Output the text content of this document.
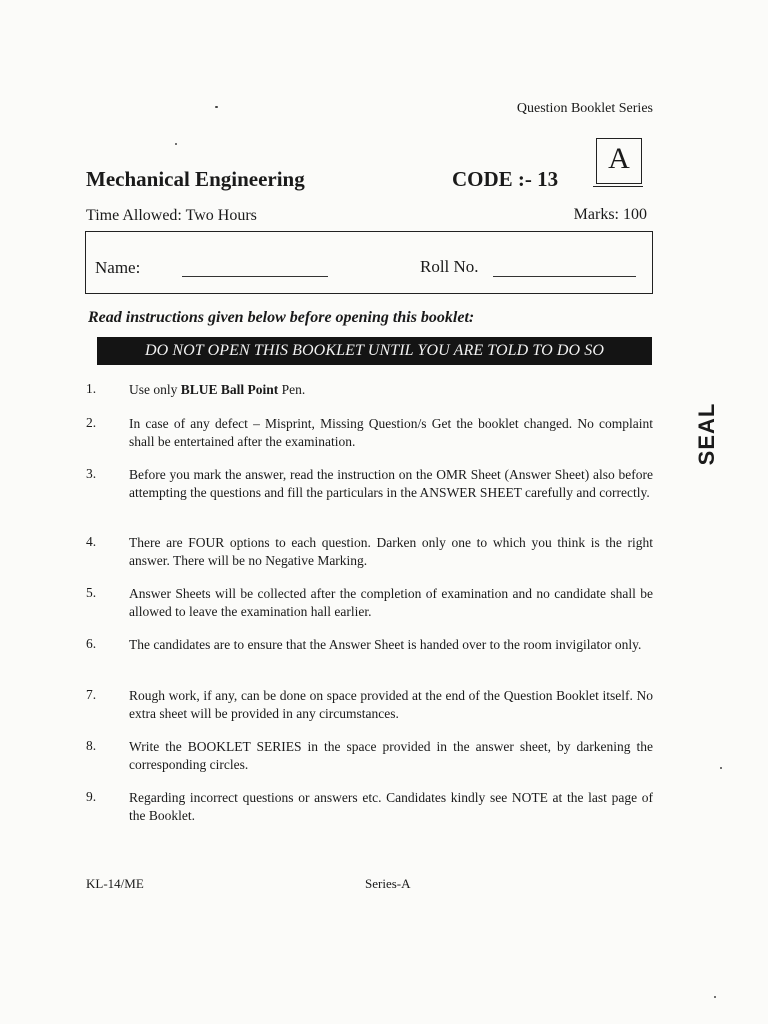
Question Booklet Series
A
Mechanical Engineering	CODE :- 13
Time Allowed: Two Hours	Marks: 100
Name:	Roll No.
Read instructions given below before opening this booklet:
DO NOT OPEN THIS BOOKLET UNTIL YOU ARE TOLD TO DO SO
1. Use only BLUE Ball Point Pen.
2. In case of any defect – Misprint, Missing Question/s Get the booklet changed. No complaint shall be entertained after the examination.
3. Before you mark the answer, read the instruction on the OMR Sheet (Answer Sheet) also before attempting the questions and fill the particulars in the ANSWER SHEET carefully and correctly.
4. There are FOUR options to each question. Darken only one to which you think is the right answer. There will be no Negative Marking.
5. Answer Sheets will be collected after the completion of examination and no candidate shall be allowed to leave the examination hall earlier.
6. The candidates are to ensure that the Answer Sheet is handed over to the room invigilator only.
7. Rough work, if any, can be done on space provided at the end of the Question Booklet itself. No extra sheet will be provided in any circumstances.
8. Write the BOOKLET SERIES in the space provided in the answer sheet, by darkening the corresponding circles.
9. Regarding incorrect questions or answers etc. Candidates kindly see NOTE at the last page of the Booklet.
SEAL
KL-14/ME	Series-A
